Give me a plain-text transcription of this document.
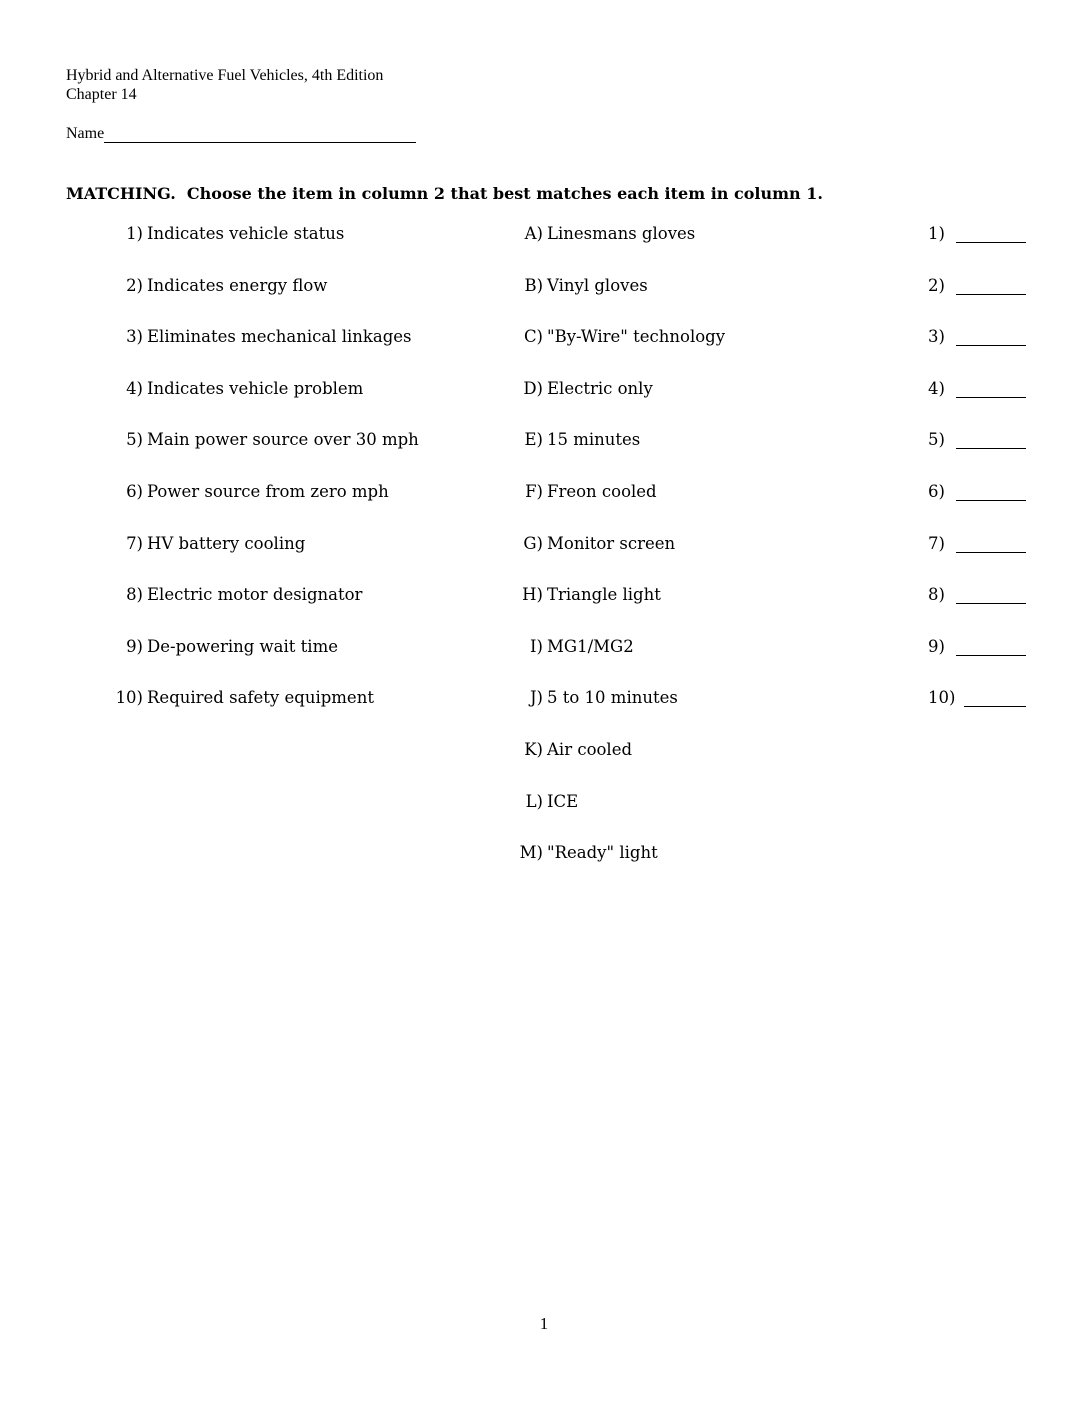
Hybrid and Alternative Fuel Vehicles, 4th Edition
Chapter 14
Name
MATCHING.  Choose the item in column 2 that best matches each item in column 1.
1) Indicates vehicle status	A) Linesmans gloves	1)
2) Indicates energy flow	B) Vinyl gloves	2)
3) Eliminates mechanical linkages	C) "By-Wire" technology	3)
4) Indicates vehicle problem	D) Electric only	4)
5) Main power source over 30 mph	E) 15 minutes	5)
6) Power source from zero mph	F) Freon cooled	6)
7) HV battery cooling	G) Monitor screen	7)
8) Electric motor designator	H) Triangle light	8)
9) De-powering wait time	I) MG1/MG2	9)
10) Required safety equipment	J) 5 to 10 minutes	10)
K) Air cooled
L) ICE
M) "Ready" light
1
